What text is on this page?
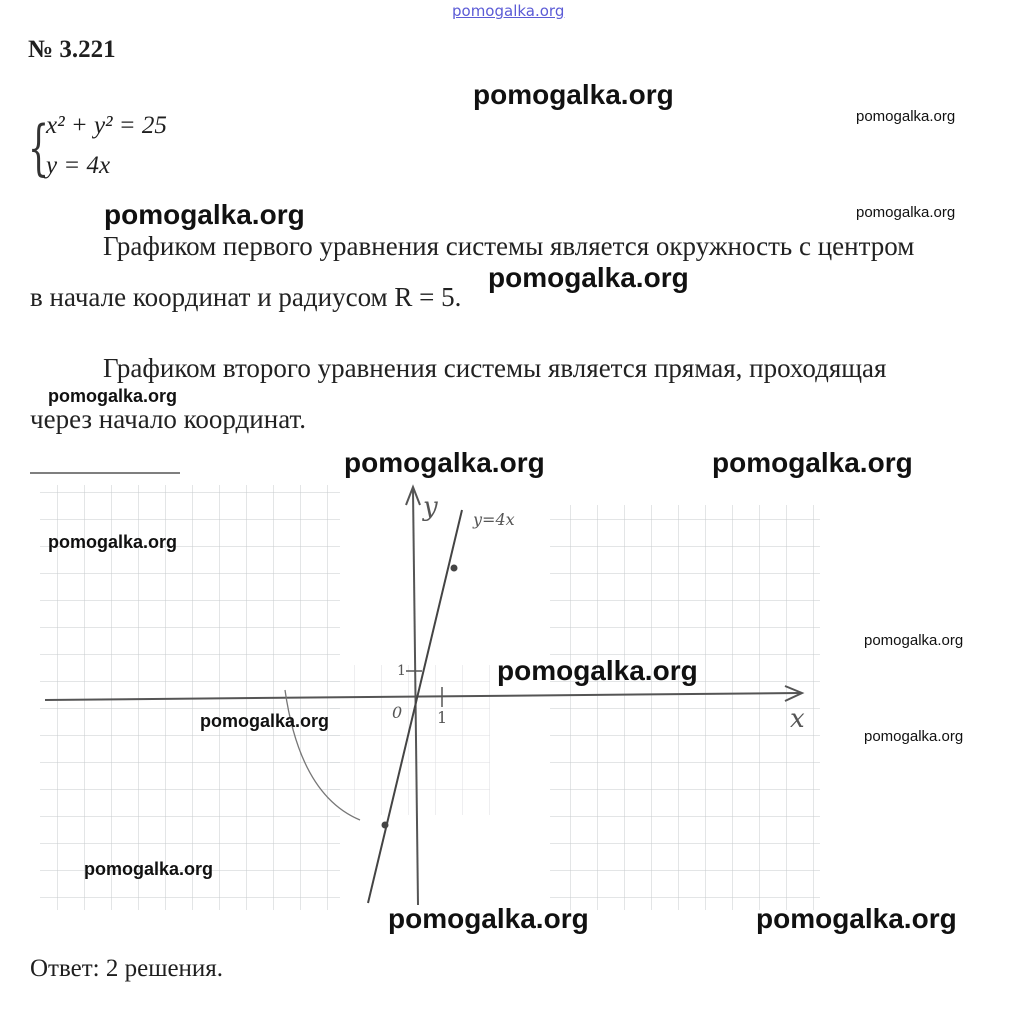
pomogalka.org
№ 3.221
{
x² + y² = 25
y = 4x
Графиком первого уравнения системы является окружность с центром
в начале координат и радиусом R = 5.
Графиком второго уравнения системы является прямая, проходящая
через начало координат.
y
x
0 1
1
y=4x
pomogalka.org
pomogalka.org
pomogalka.org	pomogalka.org
pomogalka.org
pomogalka.org
pomogalka.org	pomogalka.org
pomogalka.org
pomogalka.org
pomogalka.org
pomogalka.org
pomogalka.org
pomogalka.org
pomogalka.org	pomogalka.org
Ответ: 2 решения.
